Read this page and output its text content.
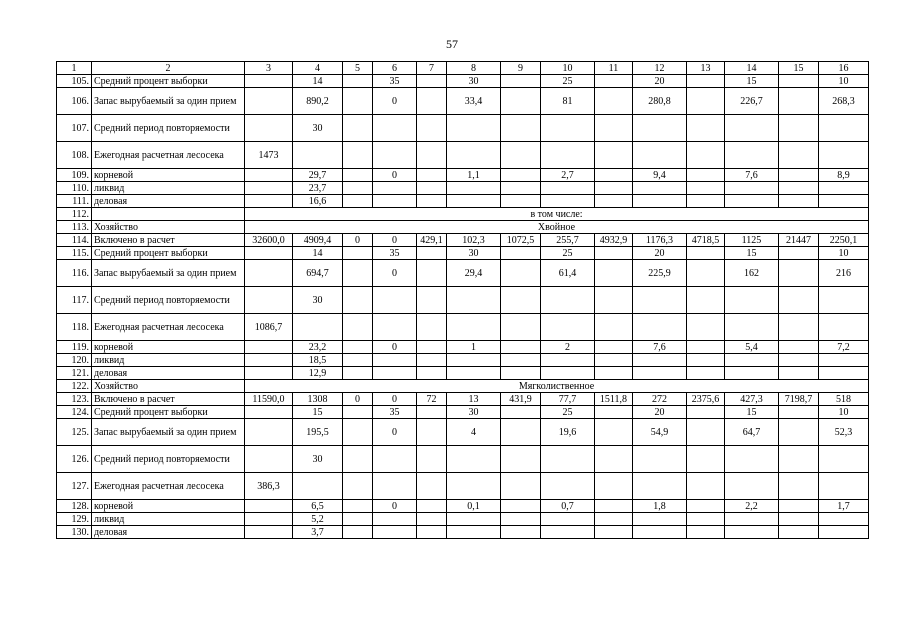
57
1	2	3	4	5	6	7	8	9	10	11	12	13	14	15	16
105.	Средний процент выборки		14		35		30		25		20		15		10
106.	Запас вырубаемый за один прием		890,2		0		33,4		81		280,8		226,7		268,3
107.	Средний период повторяемости		30												
108.	Ежегодная расчетная лесосека	1473													
109.	корневой		29,7		0		1,1		2,7		9,4		7,6		8,9
110.	ликвид		23,7												
111.	деловая		16,6												
112.		в том числе:													
113.	Хозяйство	Хвойное													
114.	Включено в расчет	32600,0	4909,4	0	0	429,1	102,3	1072,5	255,7	4932,9	1176,3	4718,5	1125	21447	2250,1
115.	Средний процент выборки		14		35		30		25		20		15		10
116.	Запас вырубаемый за один прием		694,7		0		29,4		61,4		225,9		162		216
117.	Средний период повторяемости		30												
118.	Ежегодная расчетная лесосека	1086,7													
119.	корневой		23,2		0		1		2		7,6		5,4		7,2
120.	ликвид		18,5												
121.	деловая		12,9												
122.	Хозяйство	Мягколиственное													
123.	Включено в расчет	11590,0	1308	0	0	72	13	431,9	77,7	1511,8	272	2375,6	427,3	7198,7	518
124.	Средний процент выборки		15		35		30		25		20		15		10
125.	Запас вырубаемый за один прием		195,5		0		4		19,6		54,9		64,7		52,3
126.	Средний период повторяемости		30												
127.	Ежегодная расчетная лесосека	386,3													
128.	корневой		6,5		0		0,1		0,7		1,8		2,2		1,7
129.	ликвид		5,2												
130.	деловая		3,7												
